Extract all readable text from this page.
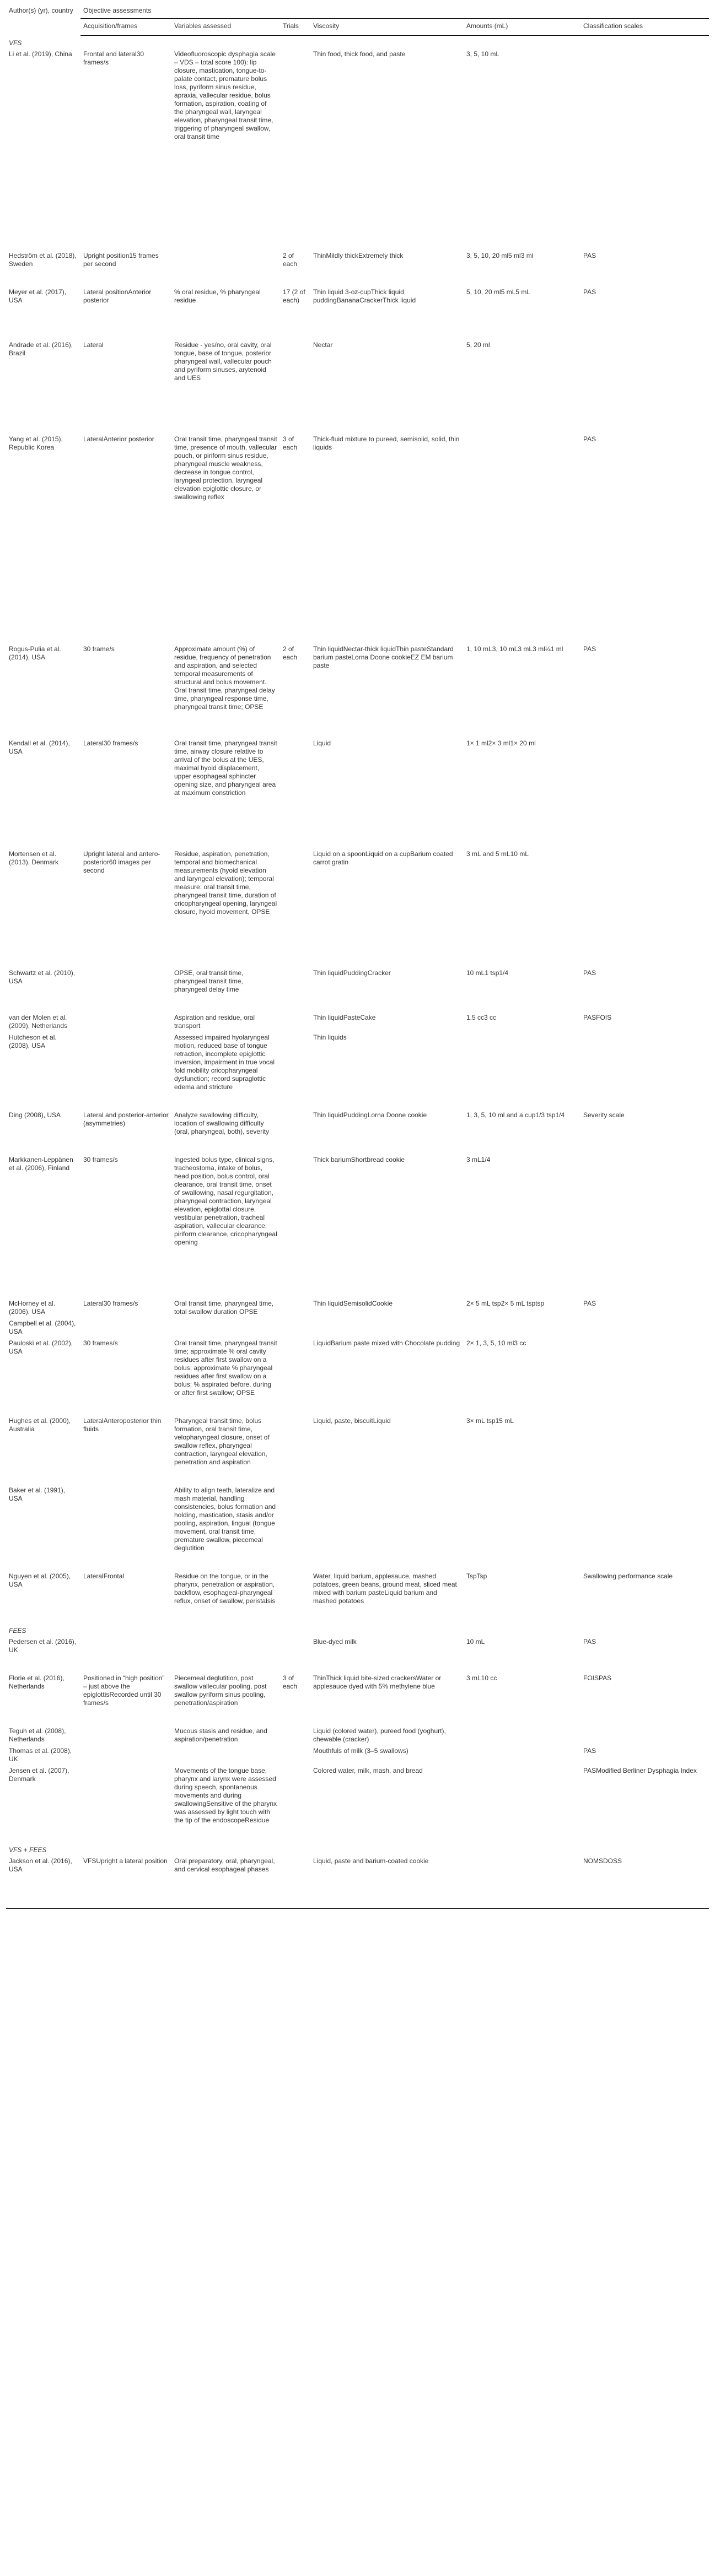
Author(s) (yr), country	Objective assessments					
	Acquisition/frames	Variables assessed	Trials	Viscosity	Amounts (mL)	Classification scales
VFS						
Li et al. (2019), China	Frontal and lateral30 frames/s	Videofluoroscopic dysphagia scale – VDS – total score 100): lip closure, mastication, tongue-to-palate contact, premature bolus loss, pyriform sinus residue, apraxia, vallecular residue, bolus formation, aspiration, coating of the pharyngeal wall, laryngeal elevation, pharyngeal transit time, triggering of pharyngeal swallow, oral transit time		Thin food, thick food, and paste	3, 5, 10 mL	
Hedström et al. (2018), Sweden	Upright position15 frames per second		2 of each	ThinMildly thickExtremely thick	3, 5, 10, 20 ml5 ml3 ml	PAS
Meyer et al. (2017), USA	Lateral positionAnterior posterior	% oral residue, % pharyngeal residue	17 (2 of each)	Thin liquid 3-oz-cupThick liquid puddingBananaCrackerThick liquid	5, 10, 20 ml5 mL5 mL	PAS
Andrade et al. (2016), Brazil	Lateral	Residue - yes/no, oral cavity, oral tongue, base of tongue, posterior pharyngeal wall, vallecular pouch and pyriform sinuses, arytenoid and UES		Nectar	5, 20 ml	
Yang et al. (2015), Republic Korea	LateralAnterior posterior	Oral transit time, pharyngeal transit time, presence of mouth, vallecular pouch, or piriform sinus residue, pharyngeal muscle weakness, decrease in tongue control, laryngeal protection, laryngeal elevation epiglottic closure, or swallowing reflex	3 of each	Thick-fluid mixture to pureed, semisolid, solid, thin liquids		PAS
Rogus-Pulia et al. (2014), USA	30 frame/s	Approximate amount (%) of residue, frequency of penetration and aspiration, and selected temporal measurements of structural and bolus movement. Oral transit time, pharyngeal delay time, pharyngeal response time, pharyngeal transit time; OPSE	2 of each	Thin liquidNectar-thick liquidThin pasteStandard barium pasteLorna Doone cookieEZ EM barium paste	1, 10 mL3, 10 mL3 mL3 ml¼1 ml	PAS
Kendall et al. (2014), USA	Lateral30 frames/s	Oral transit time, pharyngeal transit time, airway closure relative to arrival of the bolus at the UES, maximal hyoid displacement, upper esophageal sphincter opening size, and pharyngeal area at maximum constriction		Liquid	1× 1 ml2× 3 ml1× 20 ml	
Mortensen et al. (2013), Denmark	Upright lateral and antero-posterior60 images per second	Residue, aspiration, penetration, temporal and biomechanical measurements (hyoid elevation and laryngeal elevation); temporal measure: oral transit time, pharyngeal transit time, duration of cricopharyngeal opening, laryngeal closure, hyoid movement, OPSE		Liquid on a spoonLiquid on a cupBarium coated carrot gratin	3 mL and 5 mL10 mL	
Schwartz et al. (2010), USA		OPSE, oral transit time, pharyngeal transit time, pharyngeal delay time		Thin liquidPuddingCracker	10 mL1 tsp1/4	PAS
van der Molen et al. (2009), Netherlands		Aspiration and residue, oral transport		Thin liquidPasteCake	1.5 cc3 cc	PASFOIS
Hutcheson et al. (2008), USA		Assessed impaired hyolaryngeal motion, reduced base of tongue retraction, incomplete epiglottic inversion, impairment in true vocal fold mobility cricopharyngeal dysfunction; record supraglottic edema and stricture		Thin liquids		
Ding (2008), USA	Lateral and posterior-anterior (asymmetries)	Analyze swallowing difficulty, location of swallowing difficulty (oral, pharyngeal, both), severity		Thin liquidPuddingLorna Doone cookie	1, 3, 5, 10 ml and a cup1/3 tsp1/4	Severity scale
Markkanen-Leppänen et al. (2006), Finland	30 frames/s	Ingested bolus type, clinical signs, tracheostoma, intake of bolus, head position, bolus control, oral clearance, oral transit time, onset of swallowing, nasal regurgitation, pharyngeal contraction, laryngeal elevation, epiglottal closure, vestibular penetration, tracheal aspiration, vallecular clearance, piriform clearance, cricopharyngeal opening		Thick bariumShortbread cookie	3 mL1/4	
McHorney et al. (2006), USA	Lateral30 frames/s	Oral transit time, pharyngeal time, total swallow duration OPSE		Thin liquidSemisolidCookie	2× 5 mL tsp2× 5 mL tsptsp	PAS
Campbell et al. (2004), USA						
Pauloski et al. (2002), USA	30 frames/s	Oral transit time, pharyngeal transit time; approximate % oral cavity residues after first swallow on a bolus; approximate % pharyngeal residues after first swallow on a bolus; % aspirated before, during or after first swallow; OPSE		LiquidBarium paste mixed with Chocolate pudding	2× 1, 3, 5, 10 ml3 cc	
Hughes et al. (2000), Australia	LateralAnteroposterior thin fluids	Pharyngeal transit time, bolus formation, oral transit time, velopharyngeal closure, onset of swallow reflex, pharyngeal contraction, laryngeal elevation, penetration and aspiration		Liquid, paste, biscuitLiquid	3× mL tsp15 mL	
Baker et al. (1991), USA		Ability to align teeth, lateralize and mash material, handling consistencies, bolus formation and holding, mastication, stasis and/or pooling, aspiration, lingual (tongue movement, oral transit time, premature swallow, piecemeal deglutition				
Nguyen et al. (2005), USA	LateralFrontal	Residue on the tongue, or in the pharynx, penetration or aspiration, backflow, esophageal-pharyngeal reflux, onset of swallow, peristalsis		Water, liquid barium, applesauce, mashed potatoes, green beans, ground meat, sliced meat mixed with barium pasteLiquid barium and mashed potatoes	TspTsp	Swallowing performance scale
FEES						
Pedersen et al. (2016), UK				Blue-dyed milk	10 mL	PAS
Florie et al. (2016), Netherlands	Positioned in “high position” – just above the epiglottisRecorded until 30 frames/s	Piecemeal deglutition, post swallow vallecular pooling, post swallow pyriform sinus pooling, penetration/aspiration	3 of each	ThinThick liquid bite-sized crackersWater or applesauce dyed with 5% methylene blue	3 mL10 cc	FOISPAS
Teguh et al. (2008), Netherlands		Mucous stasis and residue, and aspiration/penetration		Liquid (colored water), pureed food (yoghurt), chewable (cracker)		
Thomas et al. (2008), UK				Mouthfuls of milk (3–5 swallows)		PAS
Jensen et al. (2007), Denmark		Movements of the tongue base, pharynx and larynx were assessed during speech, spontaneous movements and during swallowingSensitive of the pharynx was assessed by light touch with the tip of the endoscopeResidue		Colored water, milk, mash, and bread		PASModified Berliner Dysphagia Index
VFS + FEES						
Jackson et al. (2016), USA	VFSUpright a lateral position	Oral preparatory, oral, pharyngeal, and cervical esophageal phases		Liquid, paste and barium-coated cookie		NOMSDOSS
